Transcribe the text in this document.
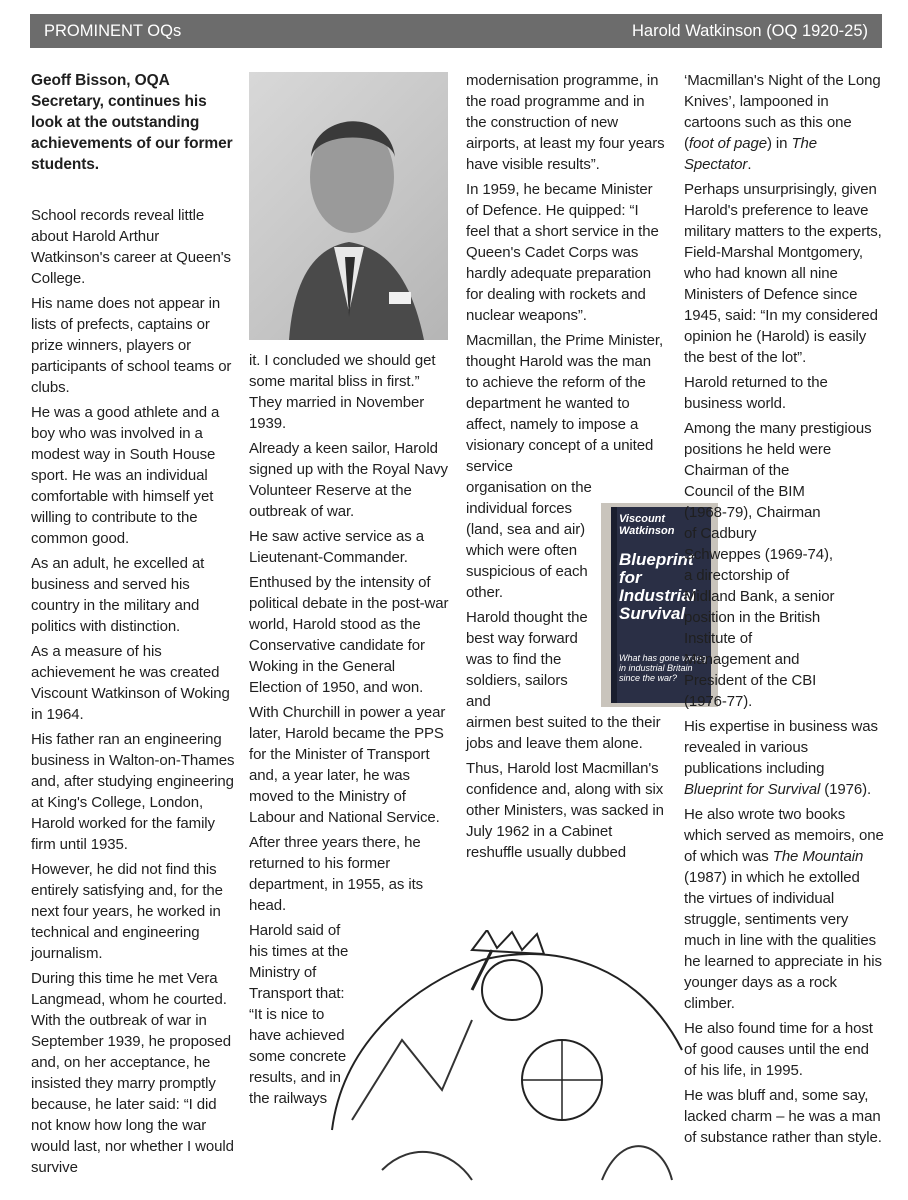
PROMINENT OQs	Harold Watkinson (OQ 1920-25)

Geoff Bisson, OQA Secretary, continues his look at the outstanding achievements of our former students.

School records reveal little about Harold Arthur Watkinson's career at Queen's College.

His name does not appear in lists of prefects, captains or prize winners, players or participants of school teams or clubs.

He was a good athlete and a boy who was involved in a modest way in South House sport. He was an individual comfortable with himself yet willing to contribute to the common good.

As an adult, he excelled at business and served his country in the military and politics with distinction.

As a measure of his achievement he was created Viscount Watkinson of Woking in 1964.

His father ran an engineering business in Walton-on-Thames and, after studying engineering at King's College, London, Harold worked for the family firm until 1935.

However, he did not find this entirely satisfying and, for the next four years, he worked in technical and engineering journalism.

During this time he met Vera Langmead, whom he courted. With the outbreak of war in September 1939, he proposed and, on her acceptance, he insisted they marry promptly because, he later said: “I did not know how long the war would last, nor whether I would survive

it. I concluded we should get some marital bliss in first.” They married in November 1939.

Already a keen sailor, Harold signed up with the Royal Navy Volunteer Reserve at the outbreak of war.

He saw active service as a Lieutenant-Commander.

Enthused by the intensity of political debate in the post-war world, Harold stood as the Conservative candidate for Woking in the General Election of 1950, and won.

With Churchill in power a year later, Harold became the PPS for the Minister of Transport and, a year later, he was moved to the Ministry of Labour and National Service.

After three years there, he returned to his former department, in 1955, as its head.

Harold said of his times at the Ministry of Transport that: “It is nice to have achieved some concrete results, and in the railways

modernisation programme, in the road programme and in the construction of new airports, at least my four years have visible results”.

In 1959, he became Minister of Defence. He quipped: “I feel that a short service in the Queen's Cadet Corps was hardly adequate preparation for dealing with rockets and nuclear weapons”.

Macmillan, the Prime Minister, thought Harold was the man to achieve the reform of the department he wanted to affect, namely to impose a visionary concept of a united service

organisation on the individual forces (land, sea and air) which were often suspicious of each other.

Harold thought the best way forward was to find the soldiers, sailors and

airmen best suited to the their jobs and leave them alone.

Thus, Harold lost Macmillan's confidence and, along with six other Ministers, was sacked in July 1962 in a Cabinet reshuffle usually dubbed

Viscount Watkinson
Blueprint for Industrial Survival
What has gone wrong in industrial Britain since the war?

‘Macmillan's Night of the Long Knives’, lampooned in cartoons such as this one (foot of page) in The Spectator.

Perhaps unsurprisingly, given Harold's preference to leave military matters to the experts, Field-Marshal Montgomery, who had known all nine Ministers of Defence since 1945, said: “In my considered opinion he (Harold) is easily the best of the lot”.

Harold returned to the business world.

Among the many prestigious positions he held were

Chairman of the Council of the BIM (1968-79), Chairman of Cadbury Schweppes (1969-74), a directorship of Midland Bank, a senior position in the British Institute of Management and President of the CBI (1976-77).

His expertise in business was revealed in various publications including Blueprint for Survival (1976).

He also wrote two books which served as memoirs, one of which was The Mountain (1987) in which he extolled the virtues of individual struggle, sentiments very much in line with the qualities he learned to appreciate in his younger days as a rock climber.

He also found time for a host of good causes until the end of his life, in 1995.

He was bluff and, some say, lacked charm – he was a man of substance rather than style.
